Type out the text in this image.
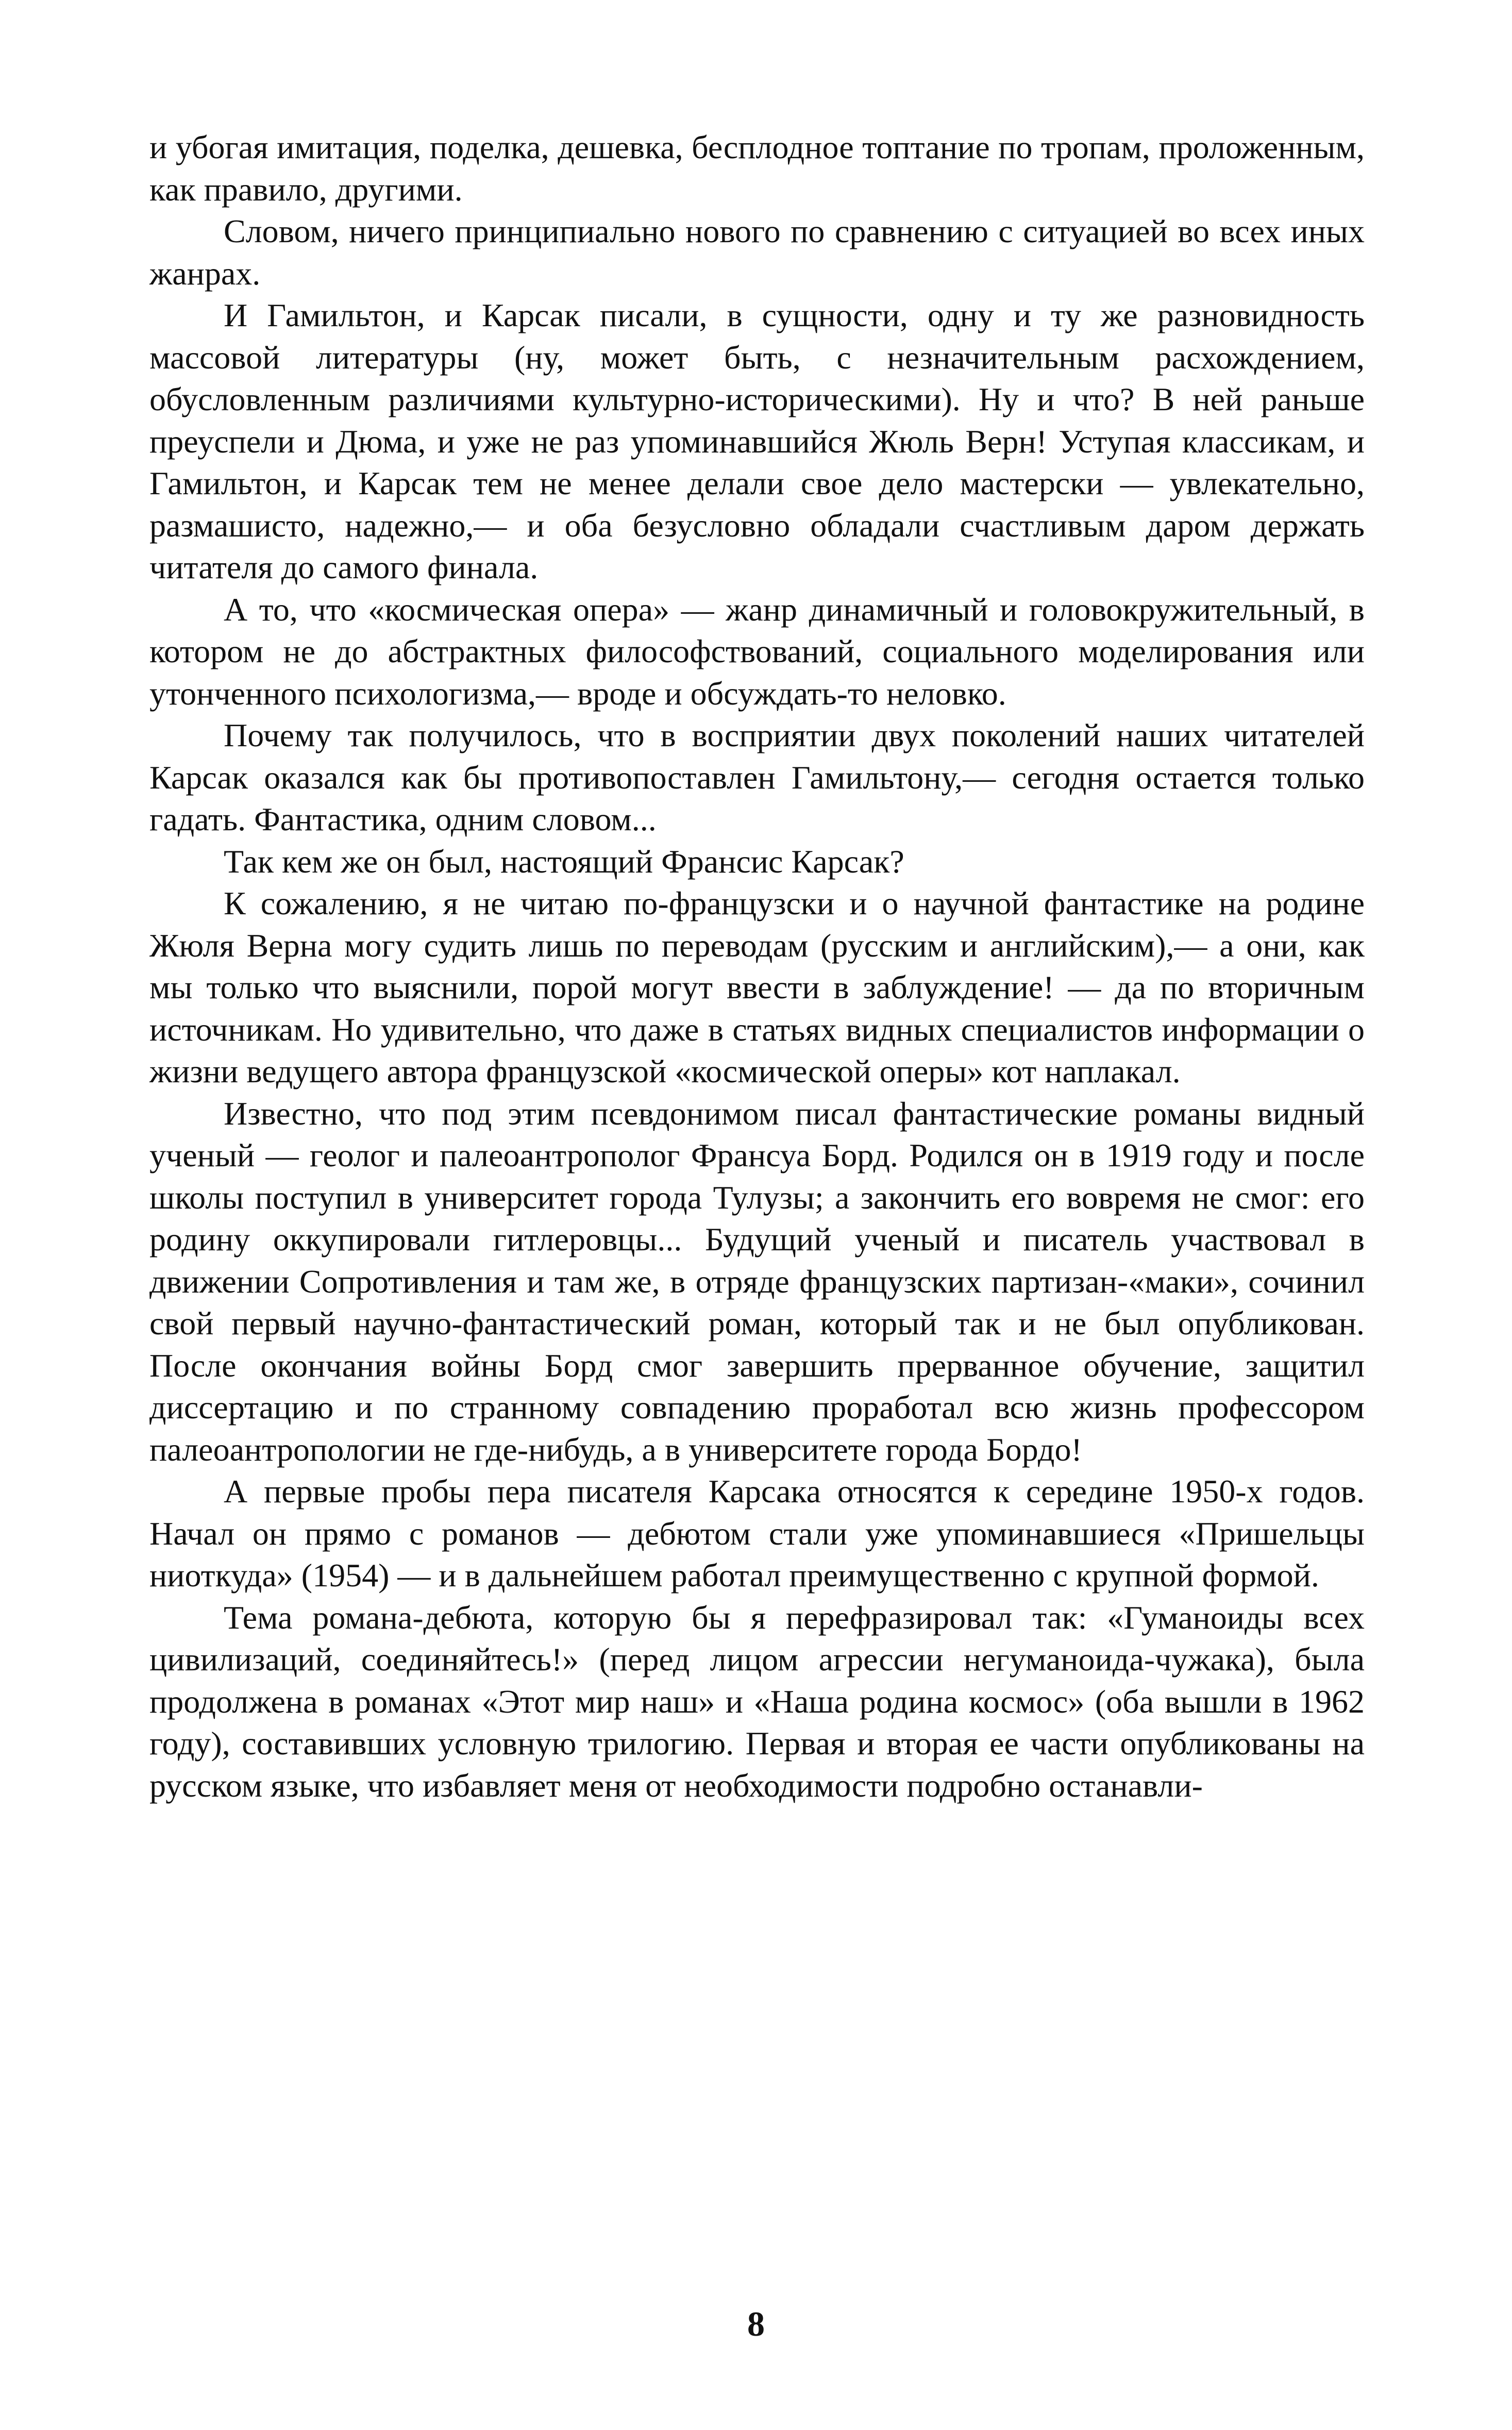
и убогая имитация, поделка, дешевка, бесплодное топтание по тропам, проложенным, как правило, другими.

Словом, ничего принципиально нового по сравнению с ситуацией во всех иных жанрах.

И Гамильтон, и Карсак писали, в сущности, одну и ту же разновидность массовой литературы (ну, может быть, с незначительным расхождением, обусловленным различиями культурно-историческими). Ну и что? В ней раньше преуспели и Дюма, и уже не раз упоминавшийся Жюль Верн! Уступая классикам, и Гамильтон, и Карсак тем не менее делали свое дело мастерски — увлекательно, размашисто, надежно,— и оба безусловно обладали счастливым даром держать читателя до самого финала.

А то, что «космическая опера» — жанр динамичный и головокружительный, в котором не до абстрактных философствований, социального моделирования или утонченного психологизма,— вроде и обсуждать-то неловко.

Почему так получилось, что в восприятии двух поколений наших читателей Карсак оказался как бы противопоставлен Гамильтону,— сегодня остается только гадать. Фантастика, одним словом...

Так кем же он был, настоящий Франсис Карсак?

К сожалению, я не читаю по-французски и о научной фантастике на родине Жюля Верна могу судить лишь по переводам (русским и английским),— а они, как мы только что выяснили, порой могут ввести в заблуждение! — да по вторичным источникам. Но удивительно, что даже в статьях видных специалистов информации о жизни ведущего автора французской «космической оперы» кот наплакал.

Известно, что под этим псевдонимом писал фантастические романы видный ученый — геолог и палеоантрополог Франсуа Борд. Родился он в 1919 году и после школы поступил в университет города Тулузы; а закончить его вовремя не смог: его родину оккупировали гитлеровцы... Будущий ученый и писатель участвовал в движении Сопротивления и там же, в отряде французских партизан-«маки», сочинил свой первый научно-фантастический роман, который так и не был опубликован. После окончания войны Борд смог завершить прерванное обучение, защитил диссертацию и по странному совпадению проработал всю жизнь профессором палеоантропологии не где-нибудь, а в университете города Бордо!

А первые пробы пера писателя Карсака относятся к середине 1950-х годов. Начал он прямо с романов — дебютом стали уже упоминавшиеся «Пришельцы ниоткуда» (1954) — и в дальнейшем работал преимущественно с крупной формой.

Тема романа-дебюта, которую бы я перефразировал так: «Гуманоиды всех цивилизаций, соединяйтесь!» (перед лицом агрессии негуманоида-чужака), была продолжена в романах «Этот мир наш» и «Наша родина космос» (оба вышли в 1962 году), составивших условную трилогию. Первая и вторая ее части опубликованы на русском языке, что избавляет меня от необходимости подробно останавли-

8
